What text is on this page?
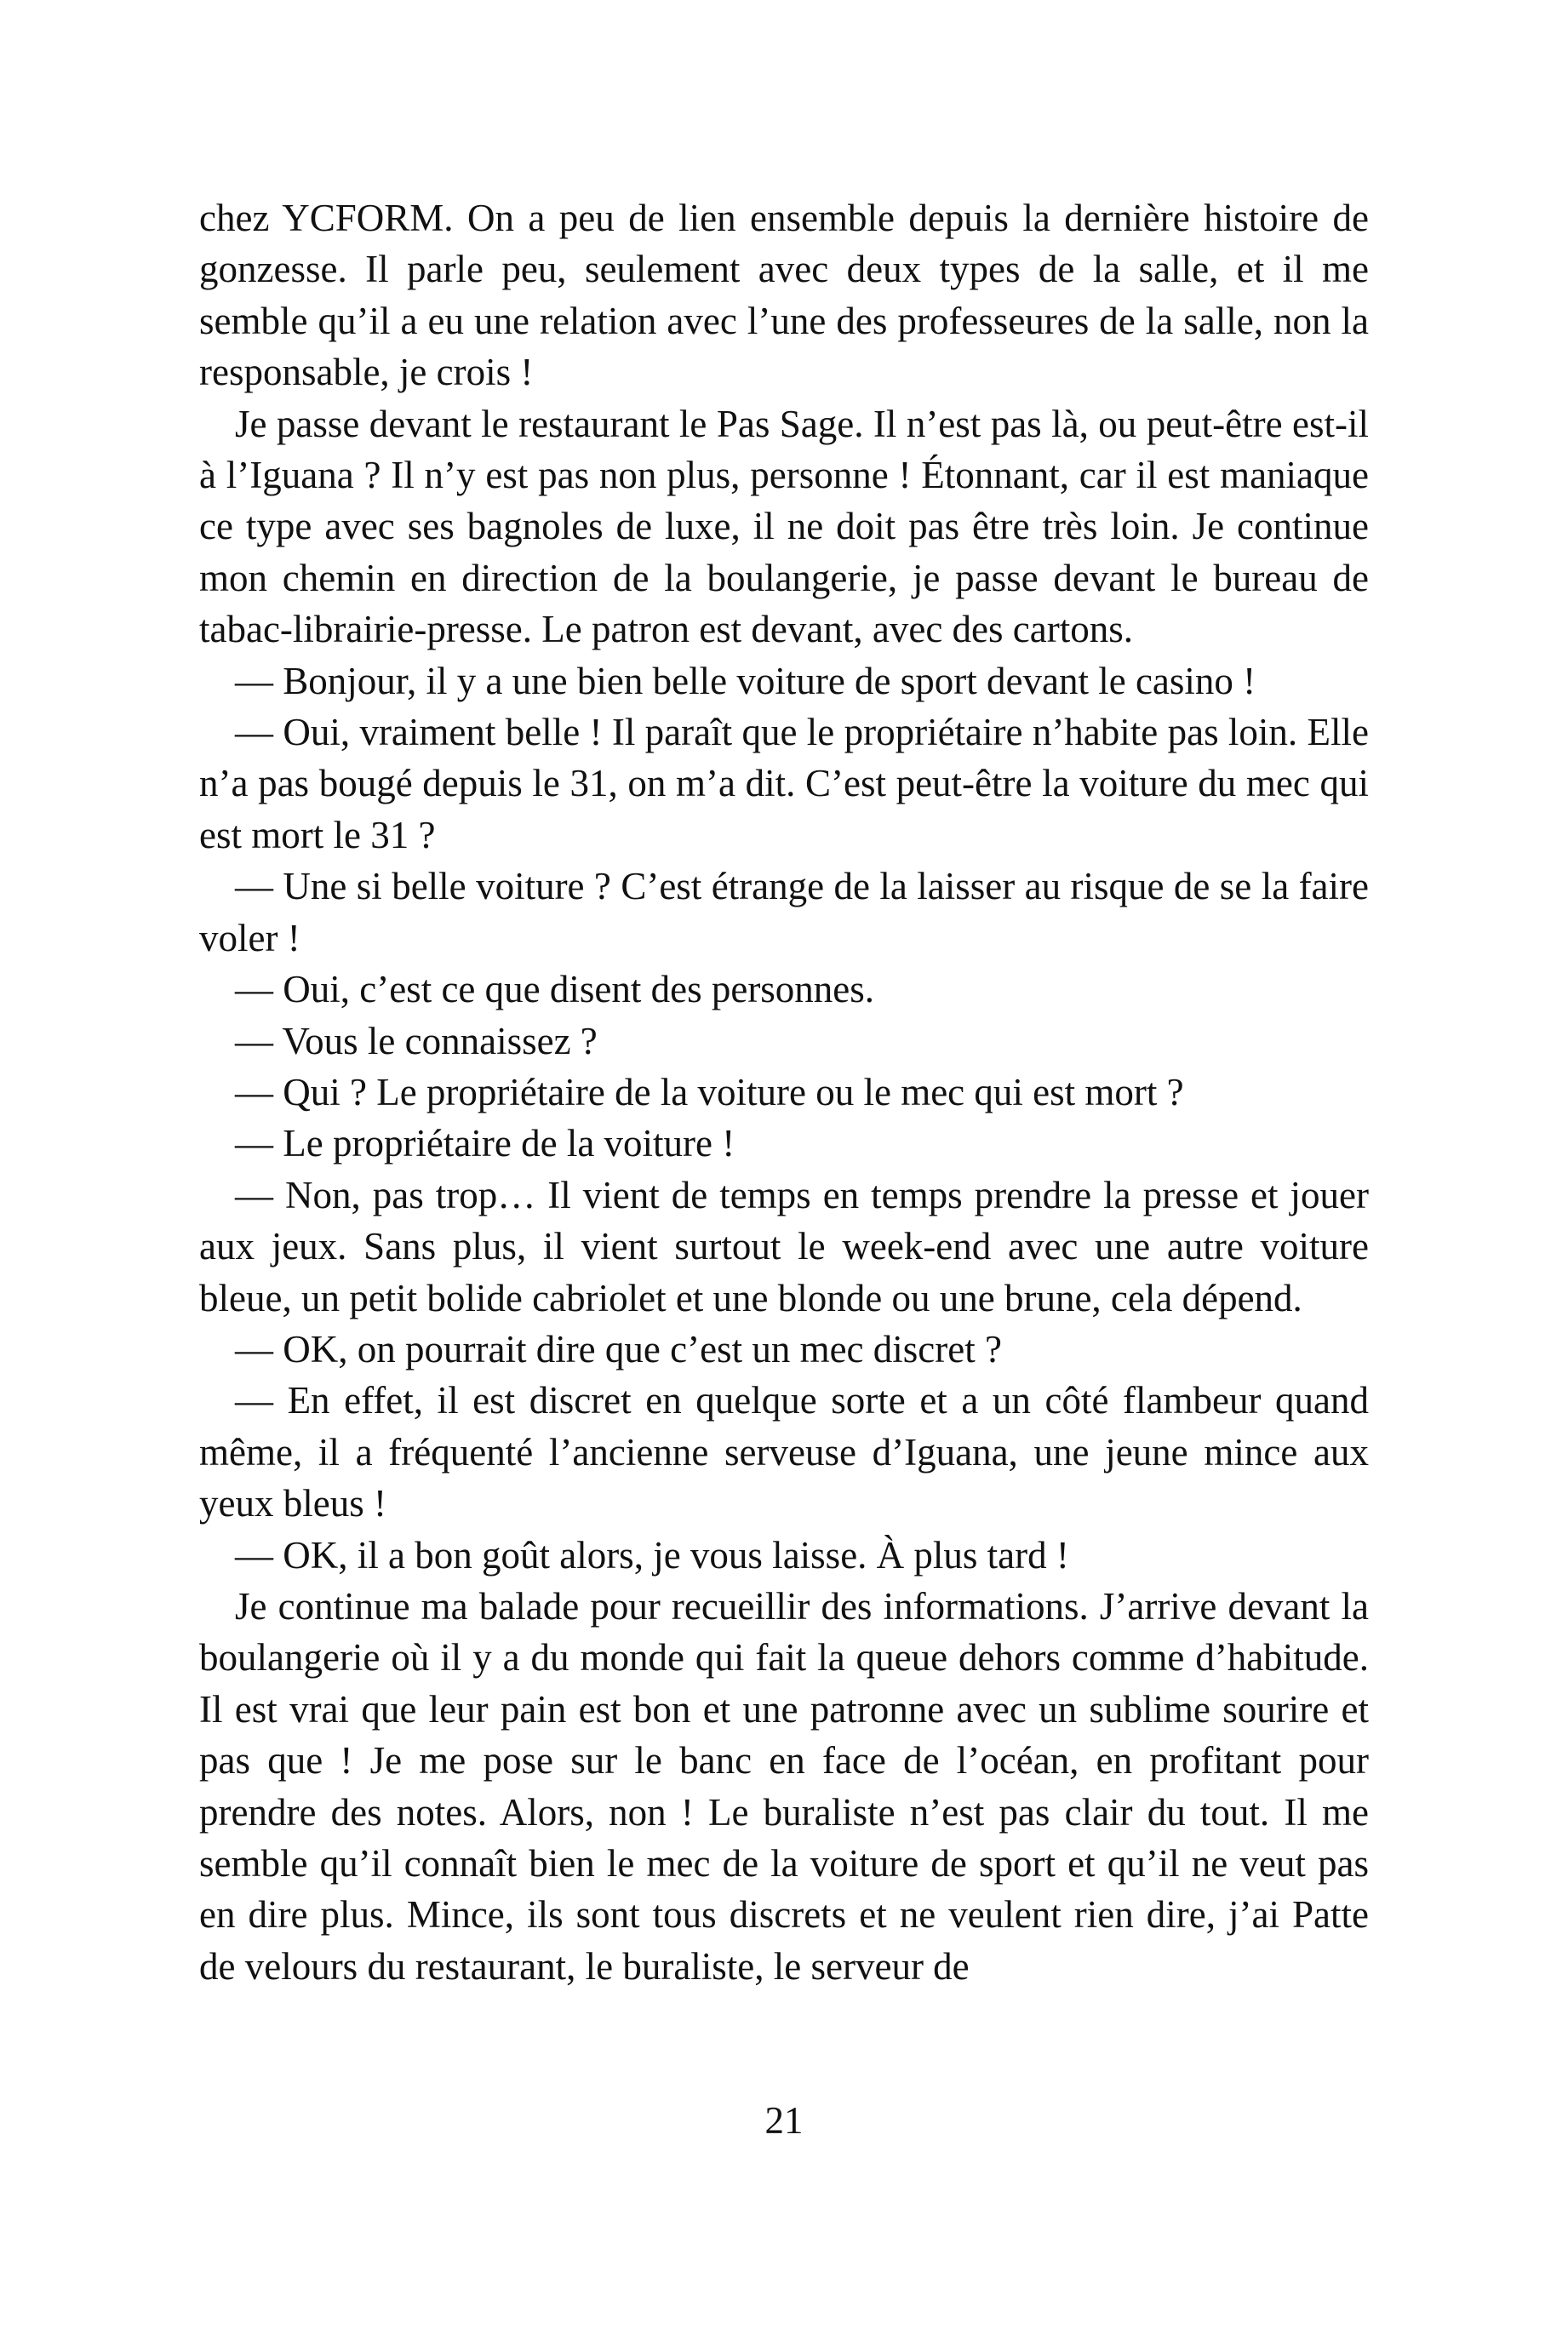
chez YCFORM. On a peu de lien ensemble depuis la dernière histoire de gonzesse. Il parle peu, seulement avec deux types de la salle, et il me semble qu’il a eu une relation avec l’une des professeures de la salle, non la responsable, je crois !

Je passe devant le restaurant le Pas Sage. Il n’est pas là, ou peut-être est-il à l’Iguana ? Il n’y est pas non plus, personne ! Étonnant, car il est maniaque ce type avec ses bagnoles de luxe, il ne doit pas être très loin. Je continue mon chemin en direction de la boulangerie, je passe devant le bureau de tabac-librairie-presse. Le patron est devant, avec des cartons.

— Bonjour, il y a une bien belle voiture de sport devant le casino !

— Oui, vraiment belle ! Il paraît que le propriétaire n’habite pas loin. Elle n’a pas bougé depuis le 31, on m’a dit. C’est peut-être la voiture du mec qui est mort le 31 ?

— Une si belle voiture ? C’est étrange de la laisser au risque de se la faire voler !

— Oui, c’est ce que disent des personnes.

— Vous le connaissez ?

— Qui ? Le propriétaire de la voiture ou le mec qui est mort ?

— Le propriétaire de la voiture !

— Non, pas trop… Il vient de temps en temps prendre la presse et jouer aux jeux. Sans plus, il vient surtout le week-end avec une autre voiture bleue, un petit bolide cabriolet et une blonde ou une brune, cela dépend.

— OK, on pourrait dire que c’est un mec discret ?

— En effet, il est discret en quelque sorte et a un côté flambeur quand même, il a fréquenté l’ancienne serveuse d’Iguana, une jeune mince aux yeux bleus !

— OK, il a bon goût alors, je vous laisse. À plus tard !

Je continue ma balade pour recueillir des informations. J’arrive devant la boulangerie où il y a du monde qui fait la queue dehors comme d’habitude. Il est vrai que leur pain est bon et une patronne avec un sublime sourire et pas que ! Je me pose sur le banc en face de l’océan, en profitant pour prendre des notes. Alors, non ! Le buraliste n’est pas clair du tout. Il me semble qu’il connaît bien le mec de la voiture de sport et qu’il ne veut pas en dire plus. Mince, ils sont tous discrets et ne veulent rien dire, j’ai Patte de velours du restaurant, le buraliste, le serveur de

21
